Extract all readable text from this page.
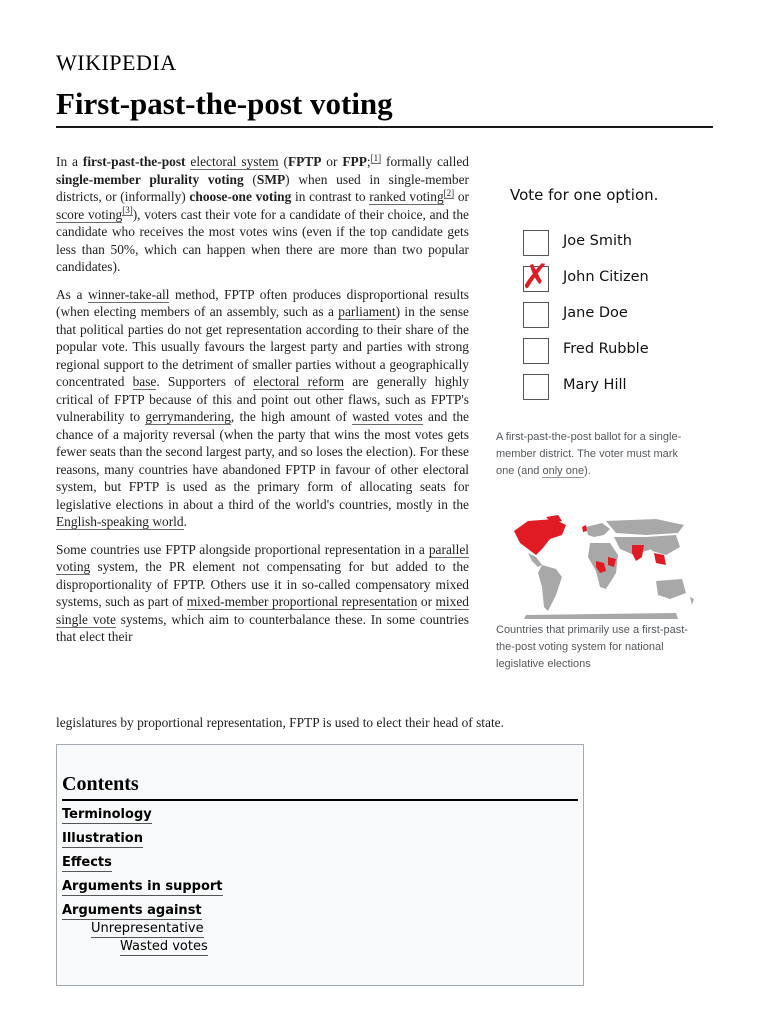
WIKIPEDIA
First-past-the-post voting

In a first-past-the-post electoral system (FPTP or FPP;[1] formally called single-member plurality voting (SMP) when used in single-member districts, or (informally) choose-one voting in contrast to ranked voting[2] or score voting[3]), voters cast their vote for a candidate of their choice, and the candidate who receives the most votes wins (even if the top candidate gets less than 50%, which can happen when there are more than two popular candidates).

As a winner-take-all method, FPTP often produces disproportional results (when electing members of an assembly, such as a parliament) in the sense that political parties do not get representation according to their share of the popular vote. This usually favours the largest party and parties with strong regional support to the detriment of smaller parties without a geographically concentrated base. Supporters of electoral reform are generally highly critical of FPTP because of this and point out other flaws, such as FPTP's vulnerability to gerrymandering, the high amount of wasted votes and the chance of a majority reversal (when the party that wins the most votes gets fewer seats than the second largest party, and so loses the election). For these reasons, many countries have abandoned FPTP in favour of other electoral system, but FPTP is used as the primary form of allocating seats for legislative elections in about a third of the world's countries, mostly in the English-speaking world.

Some countries use FPTP alongside proportional representation in a parallel voting system, the PR element not compensating for but added to the disproportionality of FPTP. Others use it in so-called compensatory mixed systems, such as part of mixed-member proportional representation or mixed single vote systems, which aim to counterbalance these. In some countries that elect their

legislatures by proportional representation, FPTP is used to elect their head of state.
Vote for one option.
Joe Smith
✗ John Citizen
Jane Doe
Fred Rubble
Mary Hill
A first-past-the-post ballot for a single-member district. The voter must mark one (and only one).
Countries that primarily use a first-past-the-post voting system for national legislative elections
Contents
Terminology
Illustration
Effects
Arguments in support
Arguments against
Unrepresentative
Wasted votes
